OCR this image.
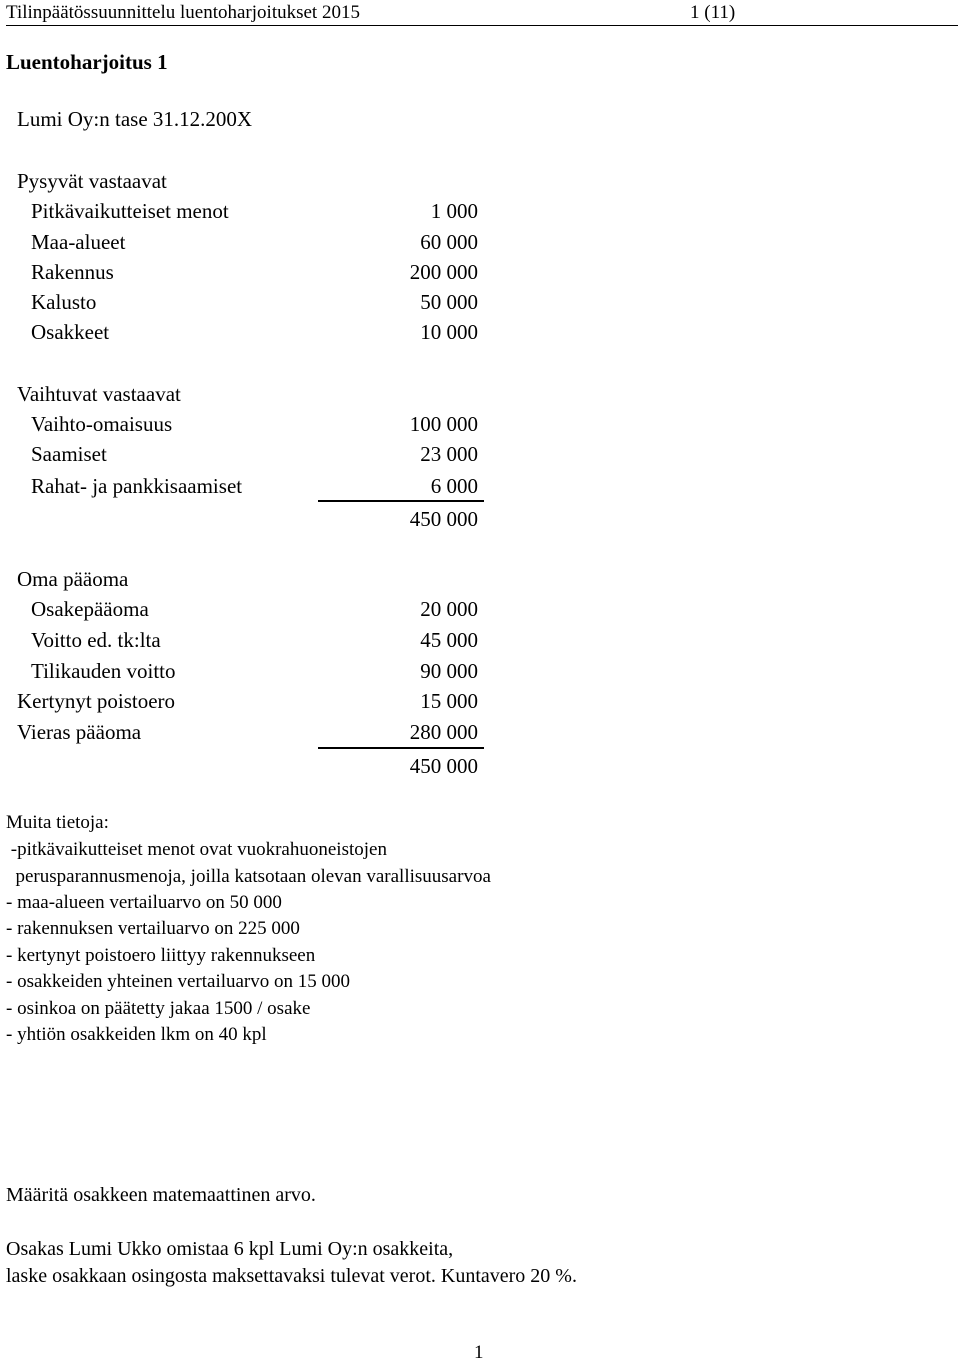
Tilinpäätössuunnittelu luentoharjoitukset 2015	1 (11)
Luentoharjoitus 1
Lumi Oy:n tase 31.12.200X
Pysyvät vastaavat
Pitkävaikutteiset menot	1 000
Maa-alueet	60 000
Rakennus	200 000
Kalusto	50 000
Osakkeet	10 000
Vaihtuvat vastaavat
Vaihto-omaisuus	100 000
Saamiset	23 000
Rahat- ja pankkisaamiset	6 000
450 000
Oma pääoma
Osakepääoma	20 000
Voitto ed. tk:lta	45 000
Tilikauden voitto	90 000
Kertynyt poistoero	15 000
Vieras pääoma	280 000
450 000
Muita tietoja:
-pitkävaikutteiset menot ovat vuokrahuoneistojen
perusparannusmenoja, joilla katsotaan olevan varallisuusarvoa
- maa-alueen vertailuarvo on 50 000
- rakennuksen vertailuarvo on 225 000
- kertynyt poistoero liittyy rakennukseen
- osakkeiden yhteinen vertailuarvo on 15 000
- osinkoa on päätetty jakaa 1500 / osake
- yhtiön osakkeiden lkm on 40 kpl
Määritä osakkeen matemaattinen arvo.
Osakas Lumi Ukko omistaa 6 kpl Lumi Oy:n osakkeita,
laske osakkaan osingosta maksettavaksi tulevat verot. Kuntavero 20 %.
1
